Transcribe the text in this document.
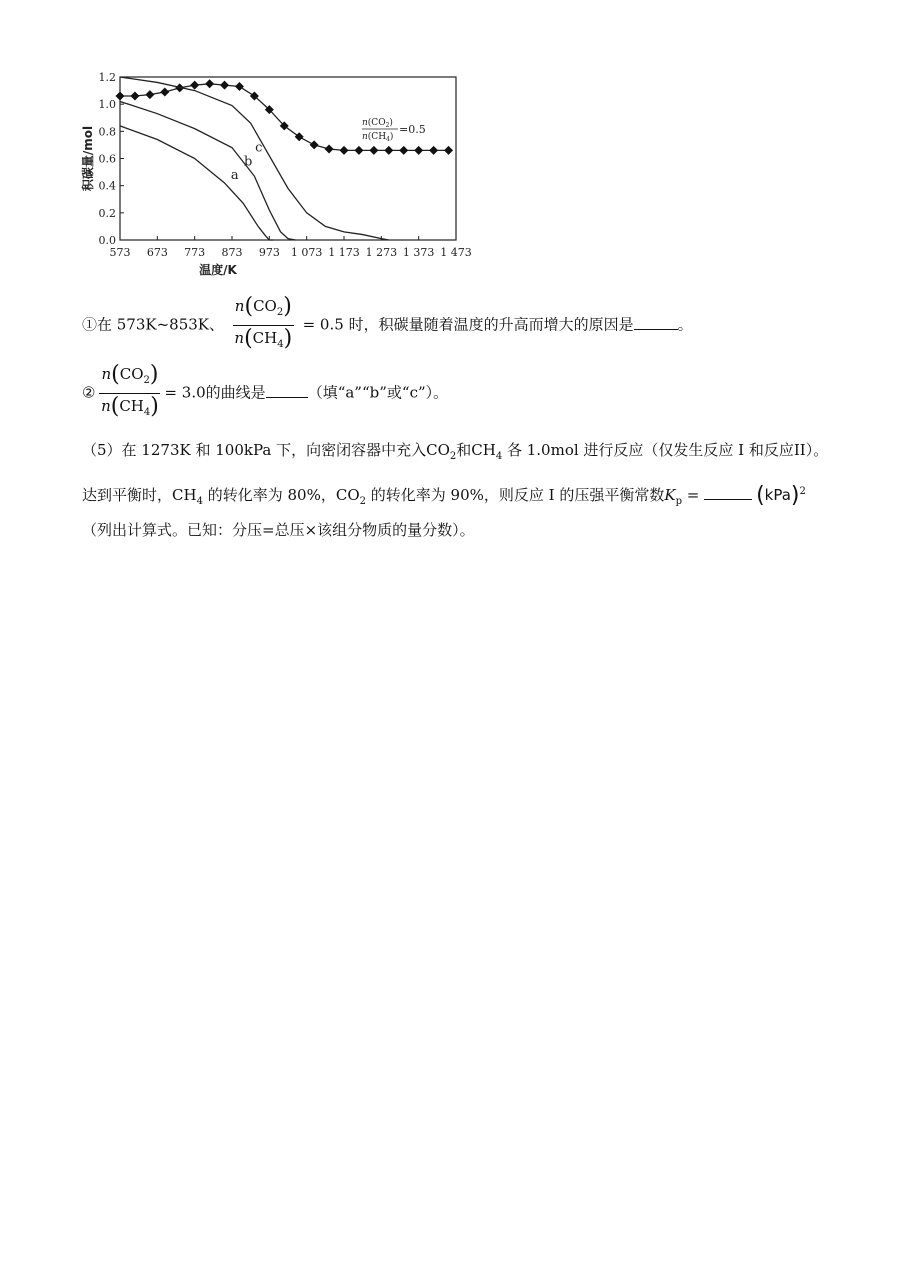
0.0
0.2
0.4
0.6
0.8
1.0
1.2
573 673 773 873 973 1 073 1 173 1 273 1 373 1 473
温度/K
积碳量/mol	a
b
c
$n(CO_2)$
$n(CH_4)$
=0.5
①在 573K~853K、 $\frac{n(CO_2)}{n(CH_4)} = 0.5$ 时，积碳量随着温度的升高而增大的原因是	。
② $\frac{n(CO_2)}{n(CH_4)} = 3.0$的曲线是	（填“a”“b”或“c”）。
（5）在 1273K 和 100kPa 下，向密闭容器中充入$CO_2$和$CH_4$ 各 1.0mol 进行反应（仅发生反应 I 和反应II）。
达到平衡时，$CH_4$ 的转化率为 80%，$CO_2$ 的转化率为 90%，则反应 I 的压强平衡常数$K_p = (kPa)^2$
（列出计算式。已知：分压=总压×该组分物质的量分数）。
